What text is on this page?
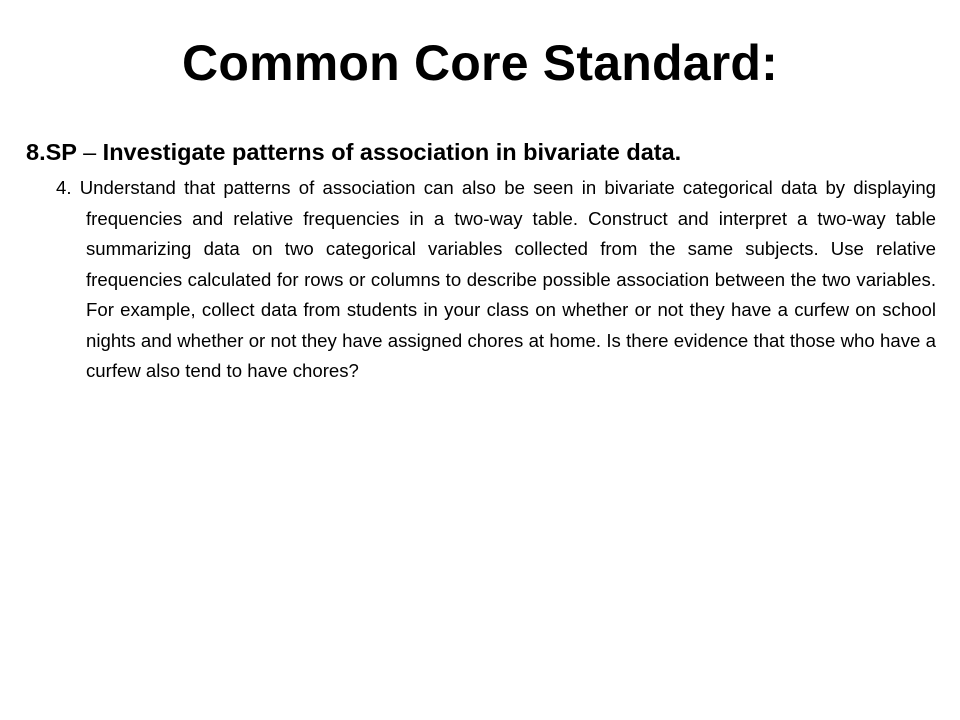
Common Core Standard:
8.SP – Investigate patterns of association in bivariate data.

4. Understand that patterns of association can also be seen in bivariate categorical data by displaying frequencies and relative frequencies in a two-way table. Construct and interpret a two-way table summarizing data on two categorical variables collected from the same subjects. Use relative frequencies calculated for rows or columns to describe possible association between the two variables. For example, collect data from students in your class on whether or not they have a curfew on school nights and whether or not they have assigned chores at home. Is there evidence that those who have a curfew also tend to have chores?
